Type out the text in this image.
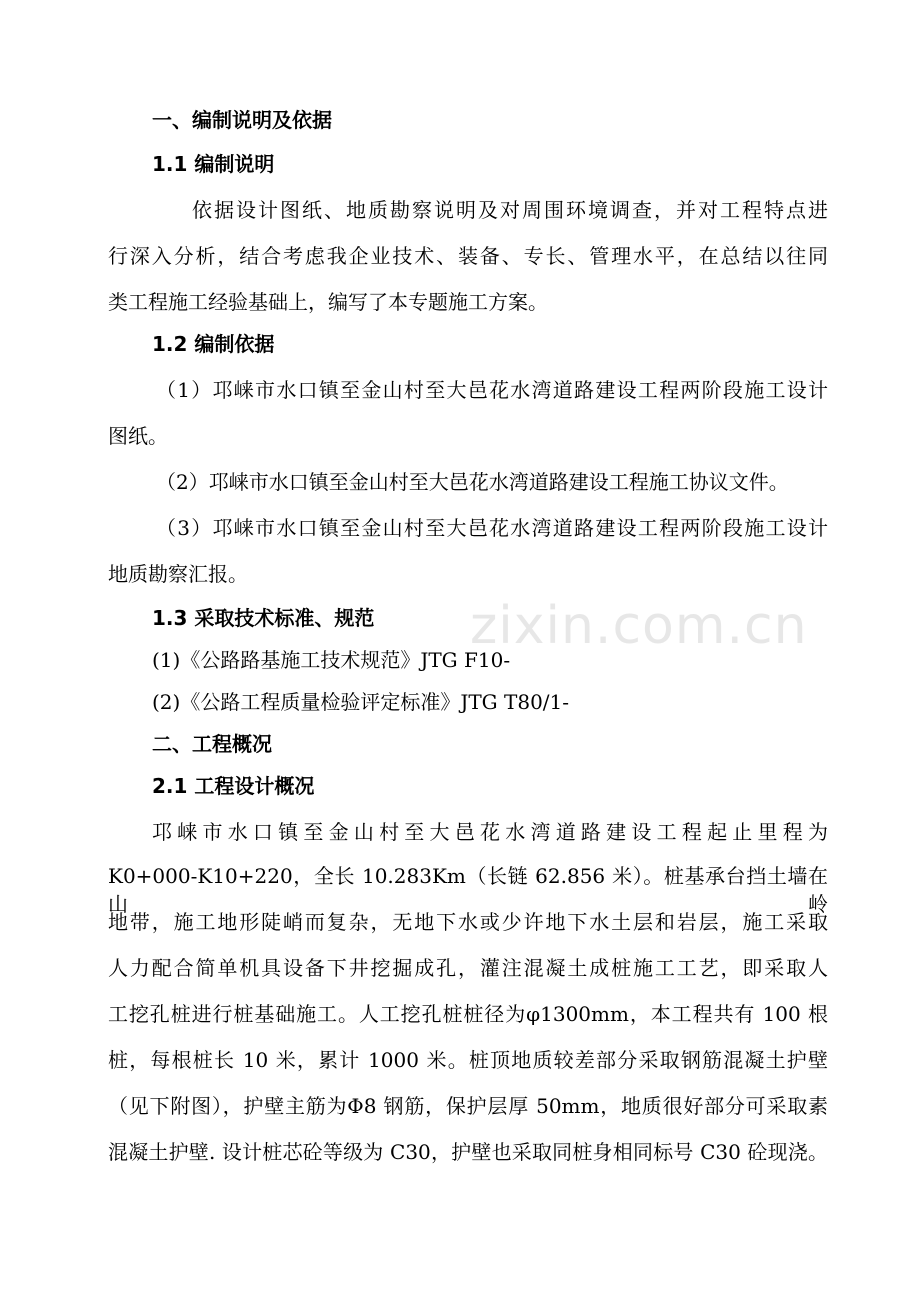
一、编制说明及依据
1.1 编制说明
依据设计图纸、地质勘察说明及对周围环境调查，并对工程特点进
行深入分析，结合考虑我企业技术、装备、专长、管理水平，在总结以往同
类工程施工经验基础上，编写了本专题施工方案。
1.2 编制依据
（1）邛崃市水口镇至金山村至大邑花水湾道路建设工程两阶段施工设计
图纸。
（2）邛崃市水口镇至金山村至大邑花水湾道路建设工程施工协议文件。
（3）邛崃市水口镇至金山村至大邑花水湾道路建设工程两阶段施工设计
地质勘察汇报。
1.3 采取技术标准、规范
(1)《公路路基施工技术规范》JTG F10-
(2)《公路工程质量检验评定标准》JTG T80/1-
二、工程概况
2.1 工程设计概况
邛崃市水口镇至金山村至大邑花水湾道路建设工程起止里程为
K0+000-K10+220，全长 10.283Km（长链 62.856 米）。桩基承台挡土墙在山岭
地带，施工地形陡峭而复杂，无地下水或少许地下水土层和岩层，施工采取
人力配合简单机具设备下井挖掘成孔，灌注混凝土成桩施工工艺，即采取人
工挖孔桩进行桩基础施工。人工挖孔桩桩径为φ1300mm，本工程共有 100 根
桩，每根桩长 10 米，累计 1000 米。桩顶地质较差部分采取钢筋混凝土护壁
（见下附图），护壁主筋为Φ8 钢筋，保护层厚 50mm，地质很好部分可采取素
混凝土护壁. 设计桩芯砼等级为 C30，护壁也采取同桩身相同标号 C30 砼现浇。
zixin.com.cn
